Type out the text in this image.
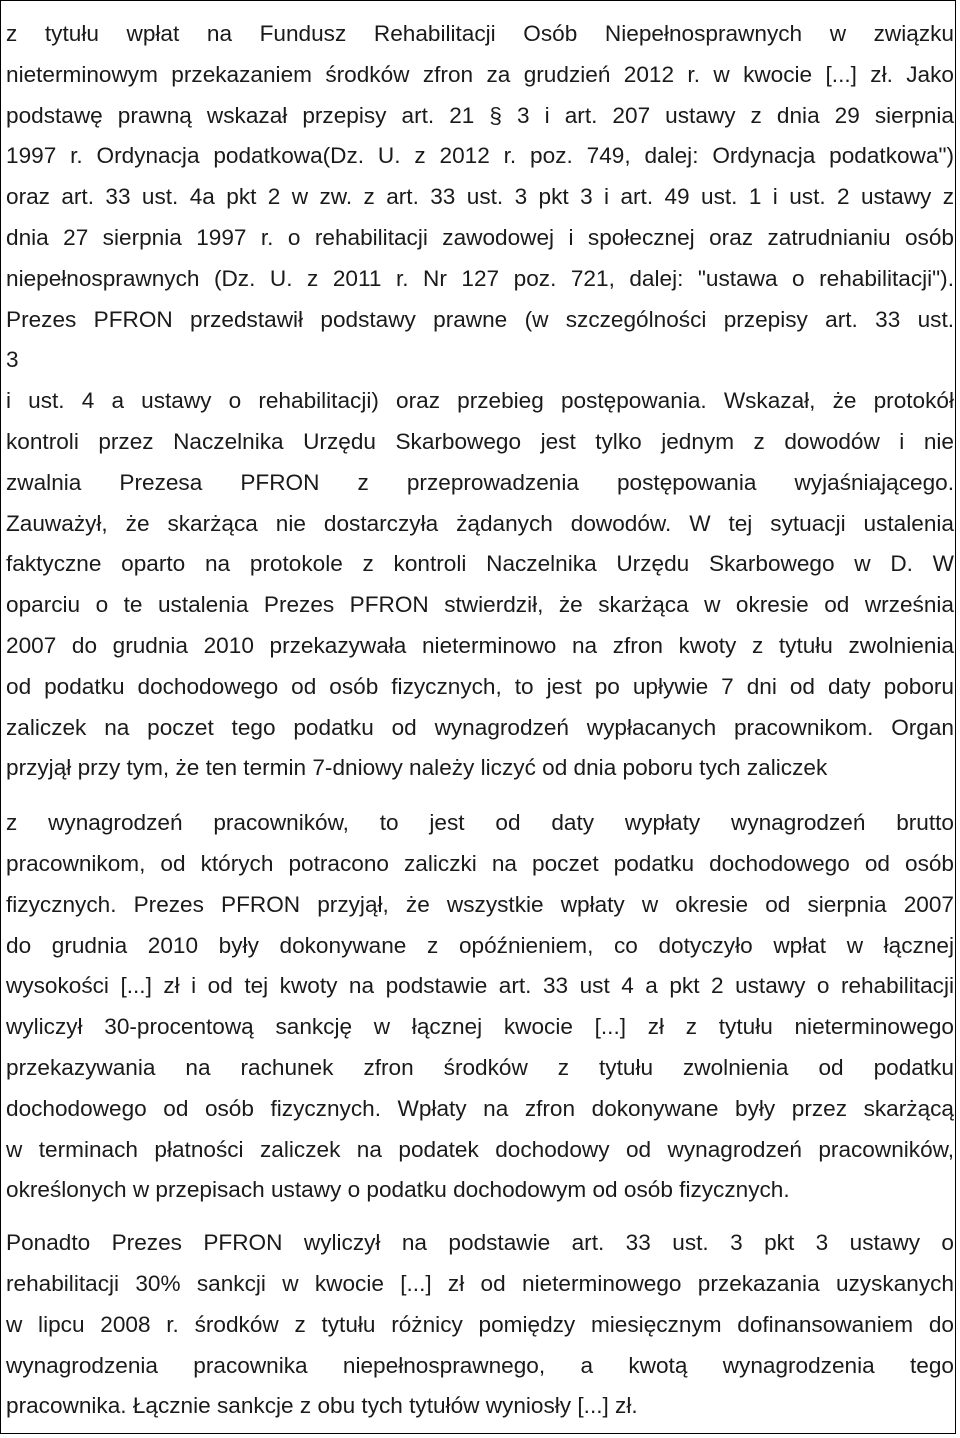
z tytułu wpłat na Fundusz Rehabilitacji Osób Niepełnosprawnych w związku
nieterminowym przekazaniem środków zfron za grudzień 2012 r. w kwocie [...] zł. Jako
podstawę prawną wskazał przepisy art. 21 § 3 i art. 207 ustawy z dnia 29 sierpnia
1997 r. Ordynacja podatkowa(Dz. U. z 2012 r. poz. 749, dalej: Ordynacja podatkowa")
oraz art. 33 ust. 4a pkt 2 w zw. z art. 33 ust. 3 pkt 3 i art. 49 ust. 1 i ust. 2 ustawy z
dnia 27 sierpnia 1997 r. o rehabilitacji zawodowej i społecznej oraz zatrudnianiu osób
niepełnosprawnych (Dz. U. z 2011 r. Nr 127 poz. 721, dalej: "ustawa o rehabilitacji").
Prezes PFRON przedstawił podstawy prawne (w szczególności przepisy art. 33 ust.
3

i ust. 4 a ustawy o rehabilitacji) oraz przebieg postępowania. Wskazał, że protokół
kontroli przez Naczelnika Urzędu Skarbowego jest tylko jednym z dowodów i nie
zwalnia Prezesa PFRON z przeprowadzenia postępowania wyjaśniającego.
Zauważył, że skarżąca nie dostarczyła żądanych dowodów. W tej sytuacji ustalenia
faktyczne oparto na protokole z kontroli Naczelnika Urzędu Skarbowego w D. W
oparciu o te ustalenia Prezes PFRON stwierdził, że skarżąca w okresie od września
2007 do grudnia 2010 przekazywała nieterminowo na zfron kwoty z tytułu zwolnienia
od podatku dochodowego od osób fizycznych, to jest po upływie 7 dni od daty poboru
zaliczek na poczet tego podatku od wynagrodzeń wypłacanych pracownikom. Organ
przyjął przy tym, że ten termin 7-dniowy należy liczyć od dnia poboru tych zaliczek

z wynagrodzeń pracowników, to jest od daty wypłaty wynagrodzeń brutto
pracownikom, od których potracono zaliczki na poczet podatku dochodowego od osób
fizycznych. Prezes PFRON przyjął, że wszystkie wpłaty w okresie od sierpnia 2007
do grudnia 2010 były dokonywane z opóźnieniem, co dotyczyło wpłat w łącznej
wysokości [...] zł i od tej kwoty na podstawie art. 33 ust 4 a pkt 2 ustawy o rehabilitacji
wyliczył 30-procentową sankcję w łącznej kwocie [...] zł z tytułu nieterminowego
przekazywania na rachunek zfron środków z tytułu zwolnienia od podatku
dochodowego od osób fizycznych. Wpłaty na zfron dokonywane były przez skarżącą
w terminach płatności zaliczek na podatek dochodowy od wynagrodzeń pracowników,
określonych w przepisach ustawy o podatku dochodowym od osób fizycznych.

Ponadto Prezes PFRON wyliczył na podstawie art. 33 ust. 3 pkt 3 ustawy o
rehabilitacji 30% sankcji w kwocie [...] zł od nieterminowego przekazania uzyskanych
w lipcu 2008 r. środków z tytułu różnicy pomiędzy miesięcznym dofinansowaniem do
wynagrodzenia pracownika niepełnosprawnego, a kwotą wynagrodzenia tego
pracownika. Łącznie sankcje z obu tych tytułów wyniosły [...] zł.
